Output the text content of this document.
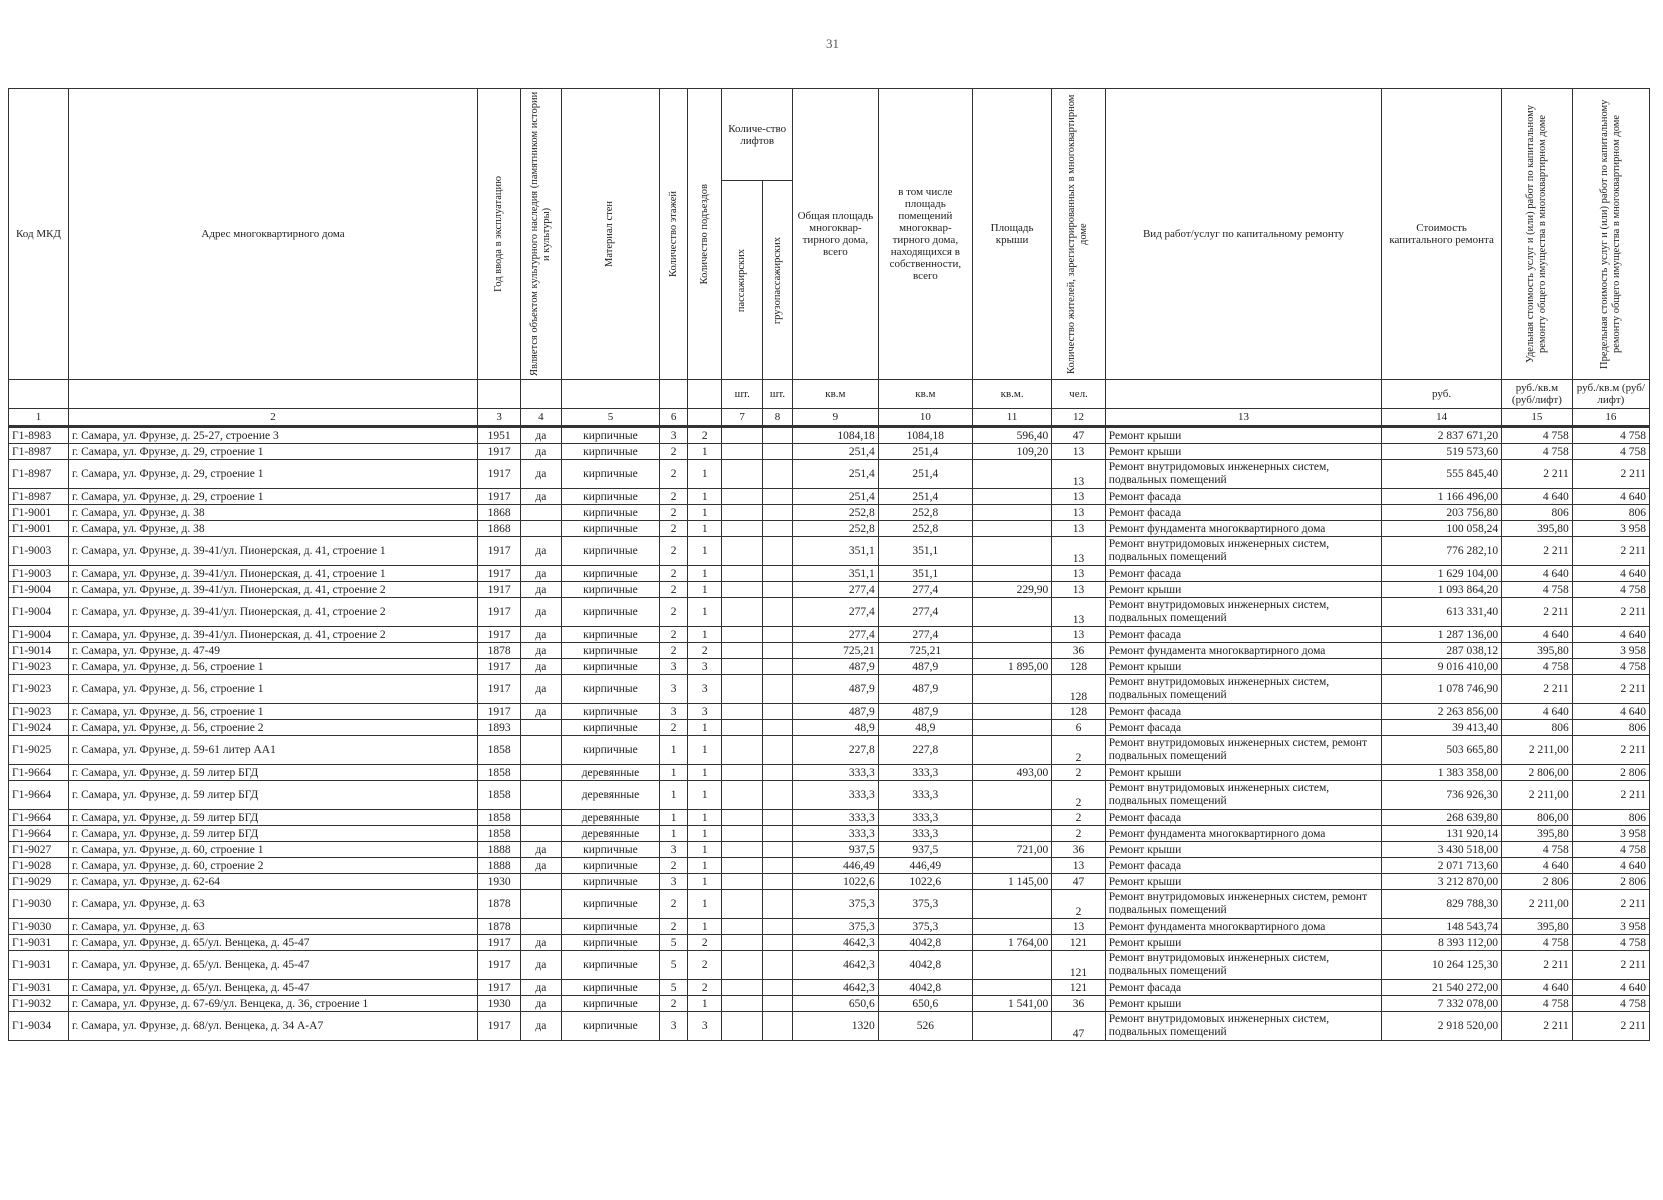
31
Код МКД	Адрес многоквартирного дома	Год ввода в эксплуатацию	Является объектом культурного наследия (памятником истории и культуры)	Материал стен	Количество этажей	Количество подъездов	Количе-ство лифтов		Общая площадь многоквар-тирного дома, всего	в том числе площадь помещений многоквар-тирного дома, находящихся в собственности, всего	Площадь крыши	Количество жителей, зарегистрированных в многоквартирном доме	Вид работ/услуг по капитальному ремонту	Стоимость капитального ремонта	Удельная стоимость услуг и (или) работ по капитальному ремонту общего имущества в многоквартирном доме	Предельная стоимость услуг и (или) работ по капитальному ремонту общего имущества в многоквартирном доме

							пассажирских	грузопассажирских								

							шт.	шт.	кв.м	кв.м	кв.м.	чел.		руб.	руб./кв.м (руб/лифт)	руб./кв.м (руб/лифт)
1	2	3	4	5	6		7	8	9	10	11	12	13	14	15	16
Г1-8983	г. Самара, ул. Фрунзе, д. 25-27, строение 3	1951	да	кирпичные	3	2			1084,18	1084,18	596,40	47	Ремонт крыши	2 837 671,20	4 758	4 758
Г1-8987	г. Самара, ул. Фрунзе, д. 29, строение 1	1917	да	кирпичные	2	1			251,4	251,4	109,20	13	Ремонт крыши	519 573,60	4 758	4 758
Г1-8987	г. Самара, ул. Фрунзе, д. 29, строение 1	1917	да	кирпичные	2	1			251,4	251,4		13	Ремонт внутридомовых инженерных систем, подвальных помещений	555 845,40	2 211	2 211
Г1-8987	г. Самара, ул. Фрунзе, д. 29, строение 1	1917	да	кирпичные	2	1			251,4	251,4		13	Ремонт фасада	1 166 496,00	4 640	4 640
Г1-9001	г. Самара, ул. Фрунзе, д. 38	1868		кирпичные	2	1			252,8	252,8		13	Ремонт фасада	203 756,80	806	806
Г1-9001	г. Самара, ул. Фрунзе, д. 38	1868		кирпичные	2	1			252,8	252,8		13	Ремонт фундамента многоквартирного дома	100 058,24	395,80	3 958
Г1-9003	г. Самара, ул. Фрунзе, д. 39-41/ул. Пионерская, д. 41, строение 1	1917	да	кирпичные	2	1			351,1	351,1		13	Ремонт внутридомовых инженерных систем, подвальных помещений	776 282,10	2 211	2 211
Г1-9003	г. Самара, ул. Фрунзе, д. 39-41/ул. Пионерская, д. 41, строение 1	1917	да	кирпичные	2	1			351,1	351,1		13	Ремонт фасада	1 629 104,00	4 640	4 640
Г1-9004	г. Самара, ул. Фрунзе, д. 39-41/ул. Пионерская, д. 41, строение 2	1917	да	кирпичные	2	1			277,4	277,4	229,90	13	Ремонт крыши	1 093 864,20	4 758	4 758
Г1-9004	г. Самара, ул. Фрунзе, д. 39-41/ул. Пионерская, д. 41, строение 2	1917	да	кирпичные	2	1			277,4	277,4		13	Ремонт внутридомовых инженерных систем, подвальных помещений	613 331,40	2 211	2 211
Г1-9004	г. Самара, ул. Фрунзе, д. 39-41/ул. Пионерская, д. 41, строение 2	1917	да	кирпичные	2	1			277,4	277,4		13	Ремонт фасада	1 287 136,00	4 640	4 640
Г1-9014	г. Самара, ул. Фрунзе, д. 47-49	1878	да	кирпичные	2	2			725,21	725,21		36	Ремонт фундамента многоквартирного дома	287 038,12	395,80	3 958
Г1-9023	г. Самара, ул. Фрунзе, д. 56, строение 1	1917	да	кирпичные	3	3			487,9	487,9	1 895,00	128	Ремонт крыши	9 016 410,00	4 758	4 758
Г1-9023	г. Самара, ул. Фрунзе, д. 56, строение 1	1917	да	кирпичные	3	3			487,9	487,9		128	Ремонт внутридомовых инженерных систем, подвальных помещений	1 078 746,90	2 211	2 211
Г1-9023	г. Самара, ул. Фрунзе, д. 56, строение 1	1917	да	кирпичные	3	3			487,9	487,9		128	Ремонт фасада	2 263 856,00	4 640	4 640
Г1-9024	г. Самара, ул. Фрунзе, д. 56, строение 2	1893		кирпичные	2	1			48,9	48,9		6	Ремонт фасада	39 413,40	806	806
Г1-9025	г. Самара, ул. Фрунзе, д. 59-61 литер АА1	1858		кирпичные	1	1			227,8	227,8		2	Ремонт внутридомовых инженерных систем, ремонт подвальных помещений	503 665,80	2 211,00	2 211
Г1-9664	г. Самара, ул. Фрунзе, д. 59 литер БГД	1858		деревянные	1	1			333,3	333,3	493,00	2	Ремонт крыши	1 383 358,00	2 806,00	2 806
Г1-9664	г. Самара, ул. Фрунзе, д. 59 литер БГД	1858		деревянные	1	1			333,3	333,3		2	Ремонт внутридомовых инженерных систем, подвальных помещений	736 926,30	2 211,00	2 211
Г1-9664	г. Самара, ул. Фрунзе, д. 59 литер БГД	1858		деревянные	1	1			333,3	333,3		2	Ремонт фасада	268 639,80	806,00	806
Г1-9664	г. Самара, ул. Фрунзе, д. 59 литер БГД	1858		деревянные	1	1			333,3	333,3		2	Ремонт фундамента многоквартирного дома	131 920,14	395,80	3 958
Г1-9027	г. Самара, ул. Фрунзе, д. 60, строение 1	1888	да	кирпичные	3	1			937,5	937,5	721,00	36	Ремонт крыши	3 430 518,00	4 758	4 758
Г1-9028	г. Самара, ул. Фрунзе, д. 60, строение 2	1888	да	кирпичные	2	1			446,49	446,49		13	Ремонт фасада	2 071 713,60	4 640	4 640
Г1-9029	г. Самара, ул. Фрунзе, д. 62-64	1930		кирпичные	3	1			1022,6	1022,6	1 145,00	47	Ремонт крыши	3 212 870,00	2 806	2 806
Г1-9030	г. Самара, ул. Фрунзе, д. 63	1878		кирпичные	2	1			375,3	375,3		2	Ремонт внутридомовых инженерных систем, ремонт подвальных помещений	829 788,30	2 211,00	2 211
Г1-9030	г. Самара, ул. Фрунзе, д. 63	1878		кирпичные	2	1			375,3	375,3		13	Ремонт фундамента многоквартирного дома	148 543,74	395,80	3 958
Г1-9031	г. Самара, ул. Фрунзе, д. 65/ул. Венцека, д. 45-47	1917	да	кирпичные	5	2			4642,3	4042,8	1 764,00	121	Ремонт крыши	8 393 112,00	4 758	4 758
Г1-9031	г. Самара, ул. Фрунзе, д. 65/ул. Венцека, д. 45-47	1917	да	кирпичные	5	2			4642,3	4042,8		121	Ремонт внутридомовых инженерных систем, подвальных помещений	10 264 125,30	2 211	2 211
Г1-9031	г. Самара, ул. Фрунзе, д. 65/ул. Венцека, д. 45-47	1917	да	кирпичные	5	2			4642,3	4042,8		121	Ремонт фасада	21 540 272,00	4 640	4 640
Г1-9032	г. Самара, ул. Фрунзе, д. 67-69/ул. Венцека, д. 36, строение 1	1930	да	кирпичные	2	1			650,6	650,6	1 541,00	36	Ремонт крыши	7 332 078,00	4 758	4 758
Г1-9034	г. Самара, ул. Фрунзе, д. 68/ул. Венцека, д. 34 А-А7	1917	да	кирпичные	3	3			1320	526		47	Ремонт внутридомовых инженерных систем, подвальных помещений	2 918 520,00	2 211	2 211
